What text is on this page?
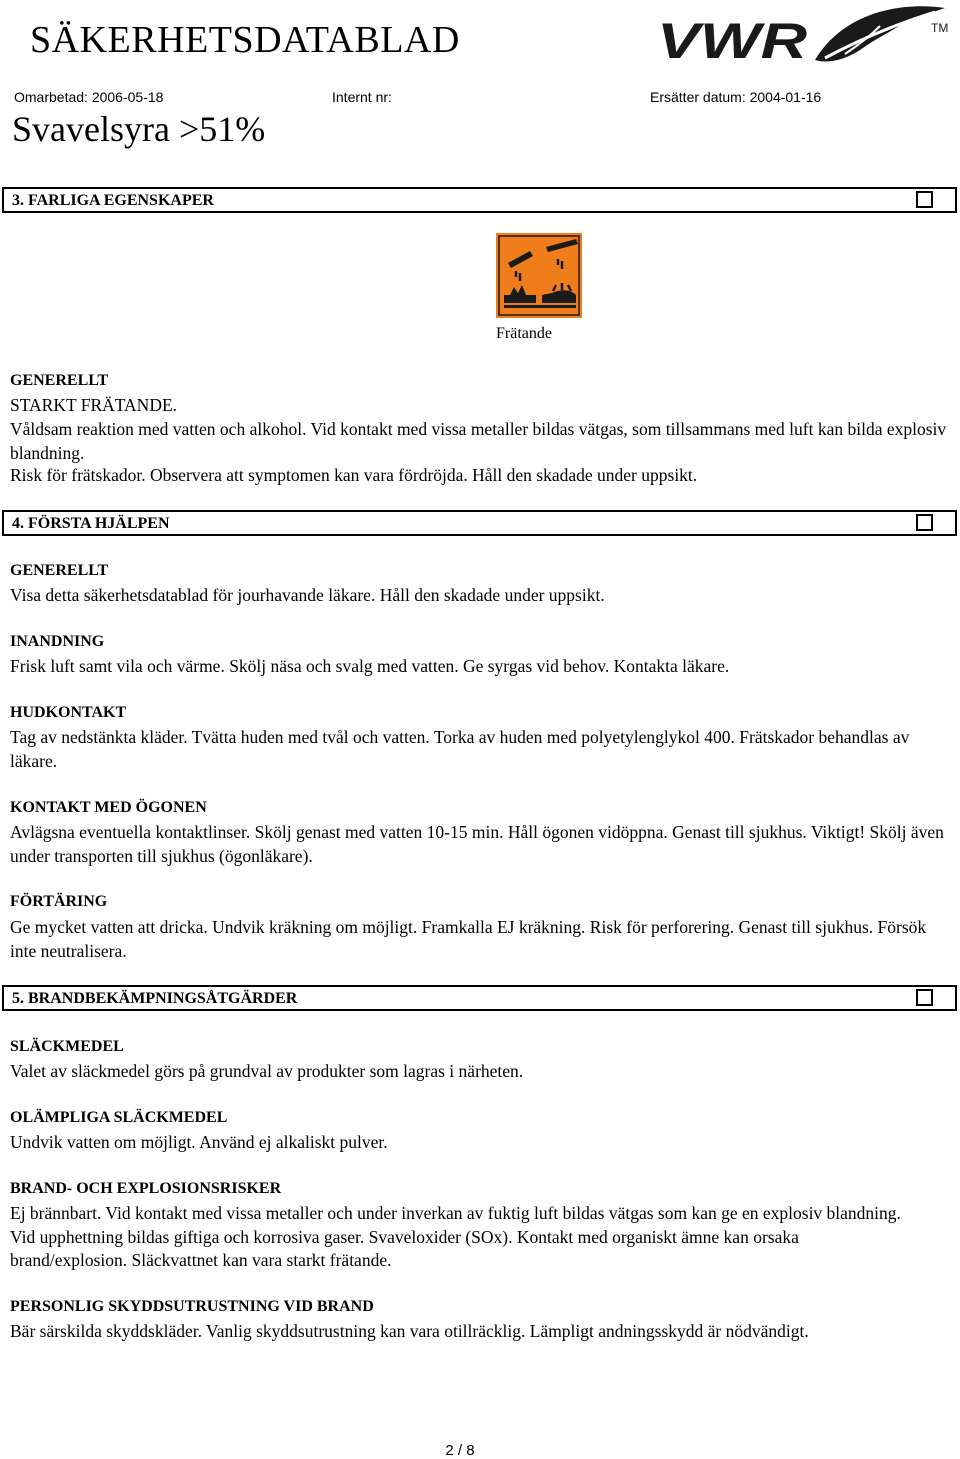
SÄKERHETSDATABLAD	VWR	TM
Omarbetad: 2006-05-18	Internt nr:	Ersätter datum: 2004-01-16
Svavelsyra >51%
3. FARLIGA EGENSKAPER
Frätande
GENERELLT
STARKT FRÄTANDE.
Våldsam reaktion med vatten och alkohol. Vid kontakt med vissa metaller bildas vätgas, som tillsammans med luft kan bilda explosiv blandning.
Risk för frätskador. Observera att symptomen kan vara fördröjda. Håll den skadade under uppsikt.
4. FÖRSTA HJÄLPEN
GENERELLT
Visa detta säkerhetsdatablad för jourhavande läkare. Håll den skadade under uppsikt.
INANDNING
Frisk luft samt vila och värme. Skölj näsa och svalg med vatten. Ge syrgas vid behov. Kontakta läkare.
HUDKONTAKT
Tag av nedstänkta kläder. Tvätta huden med tvål och vatten. Torka av huden med polyetylenglykol 400. Frätskador behandlas av läkare.
KONTAKT MED ÖGONEN
Avlägsna eventuella kontaktlinser. Skölj genast med vatten 10-15 min. Håll ögonen vidöppna. Genast till sjukhus. Viktigt! Skölj även under transporten till sjukhus (ögonläkare).
FÖRTÄRING
Ge mycket vatten att dricka. Undvik kräkning om möjligt. Framkalla EJ kräkning. Risk för perforering. Genast till sjukhus. Försök inte neutralisera.
5. BRANDBEKÄMPNINGSÅTGÄRDER
SLÄCKMEDEL
Valet av släckmedel görs på grundval av produkter som lagras i närheten.
OLÄMPLIGA SLÄCKMEDEL
Undvik vatten om möjligt. Använd ej alkaliskt pulver.
BRAND- OCH EXPLOSIONSRISKER
Ej brännbart. Vid kontakt med vissa metaller och under inverkan av fuktig luft bildas vätgas som kan ge en explosiv blandning. Vid upphettning bildas giftiga och korrosiva gaser. Svaveloxider (SOx). Kontakt med organiskt ämne kan orsaka brand/explosion. Släckvattnet kan vara starkt frätande.
PERSONLIG SKYDDSUTRUSTNING VID BRAND
Bär särskilda skyddskläder. Vanlig skyddsutrustning kan vara otillräcklig. Lämpligt andningsskydd är nödvändigt.
2 / 8
